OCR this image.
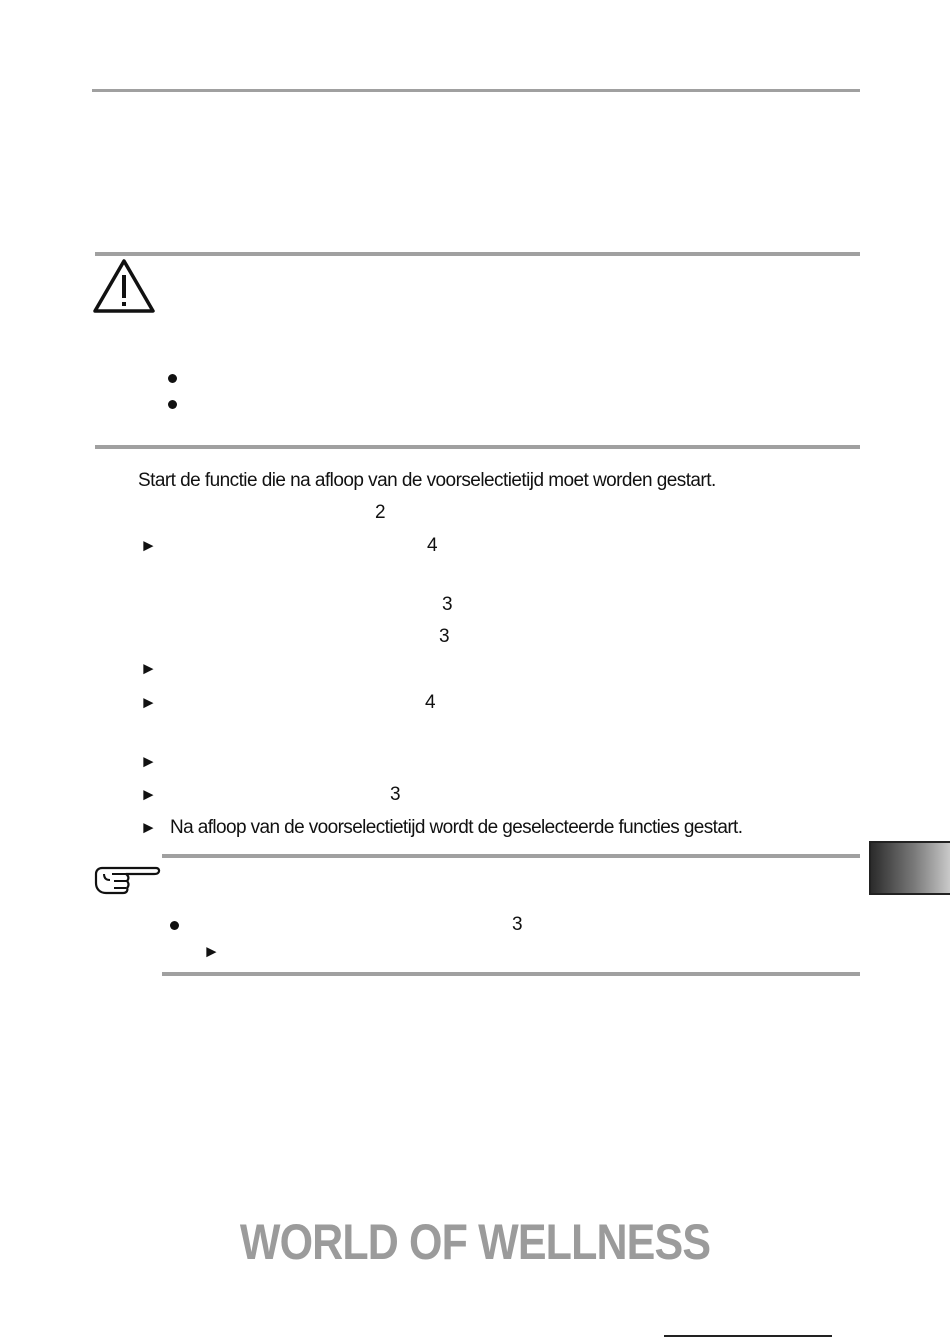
Start de functie die na afloop van de voorselectietijd moet worden gestart.
2
►	4
3
3
►
►	4
►
►	3
► Na afloop van de voorselectietijd wordt de geselecteerde functies gestart.
3
►
WORLD OF WELLNESS
